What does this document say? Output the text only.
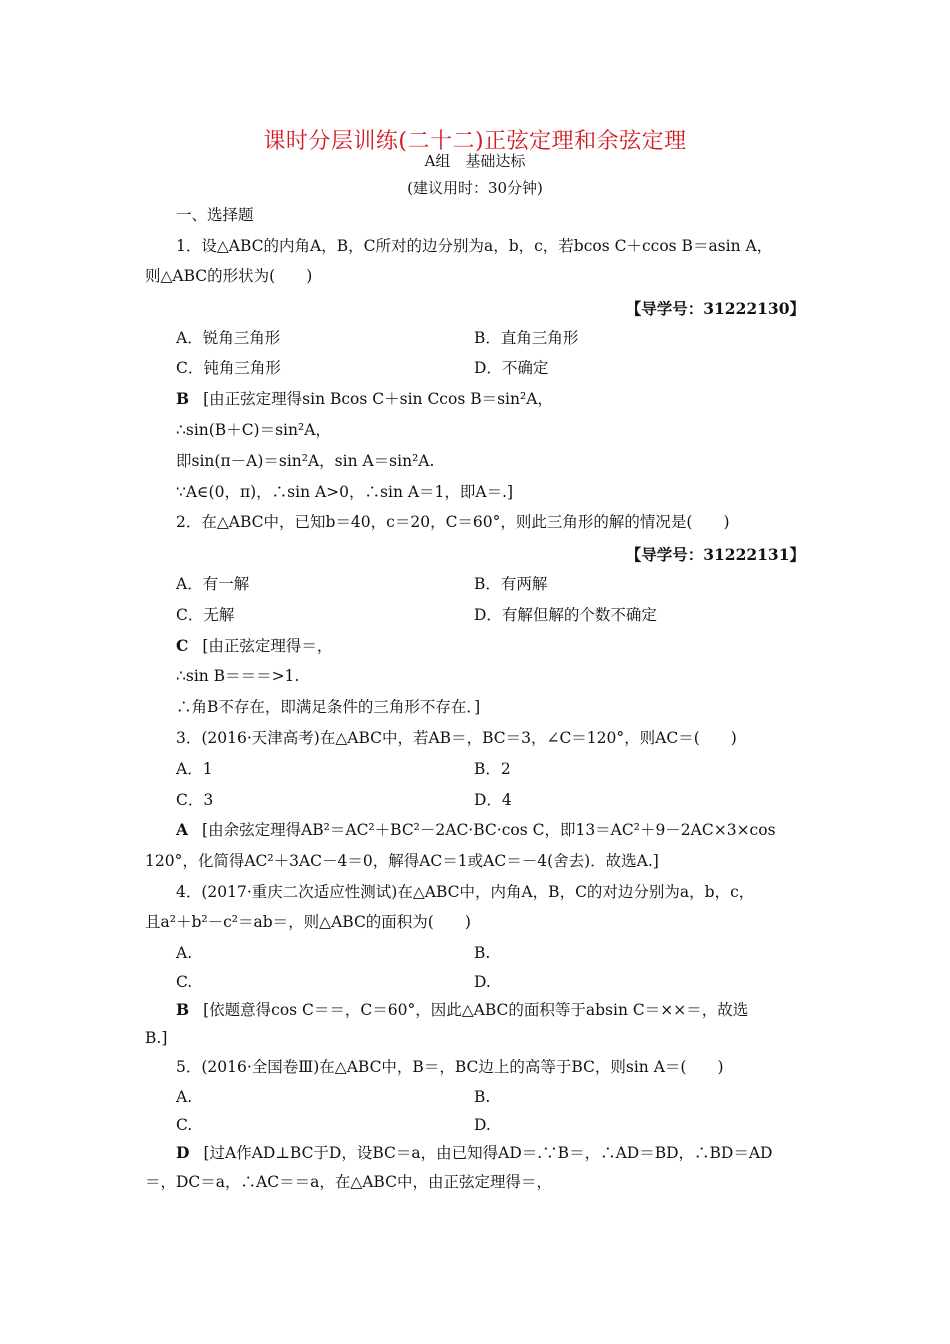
课时分层训练(二十二)正弦定理和余弦定理
A组　基础达标
(建议用时：30分钟)
一、选择题
1．设△ABC的内角A，B，C所对的边分别为a，b，c，若bcos C＋ccos B＝asin A，
则△ABC的形状为(　　)
【导学号：31222130】
A．锐角三角形	B．直角三角形
C．钝角三角形	D．不确定
B [由正弦定理得sin Bcos C＋sin Ccos B＝sin²A，
∴sin(B＋C)＝sin²A，
即sin(π－A)＝sin²A，sin A＝sin²A.
∵A∈(0，π)，∴sin A>0，∴sin A＝1，即A＝.]
2．在△ABC中，已知b＝40，c＝20，C＝60°，则此三角形的解的情况是(　　)
【导学号：31222131】
A．有一解	B．有两解
C．无解	D．有解但解的个数不确定
C [由正弦定理得＝，
∴sin B＝＝＝>1.
∴角B不存在，即满足条件的三角形不存在．]
3．(2016·天津高考)在△ABC中，若AB＝，BC＝3，∠C＝120°，则AC＝(　　)
A．1	B．2
C．3	D．4
A [由余弦定理得AB²＝AC²＋BC²－2AC·BC·cos C，即13＝AC²＋9－2AC×3×cos
120°，化简得AC²＋3AC－4＝0，解得AC＝1或AC＝－4(舍去)．故选A.]
4．(2017·重庆二次适应性测试)在△ABC中，内角A，B，C的对边分别为a，b，c，
且a²＋b²－c²＝ab＝，则△ABC的面积为(　　)
A.	B.
C.	D.
B [依题意得cos C＝＝，C＝60°，因此△ABC的面积等于absin C＝××＝，故选
B.]
5．(2016·全国卷Ⅲ)在△ABC中，B＝，BC边上的高等于BC，则sin A＝(　　)
A.	B.
C.	D.
D [过A作AD⊥BC于D，设BC＝a，由已知得AD＝.∵B＝，∴AD＝BD，∴BD＝AD
＝，DC＝a，∴AC＝＝a，在△ABC中，由正弦定理得＝，
